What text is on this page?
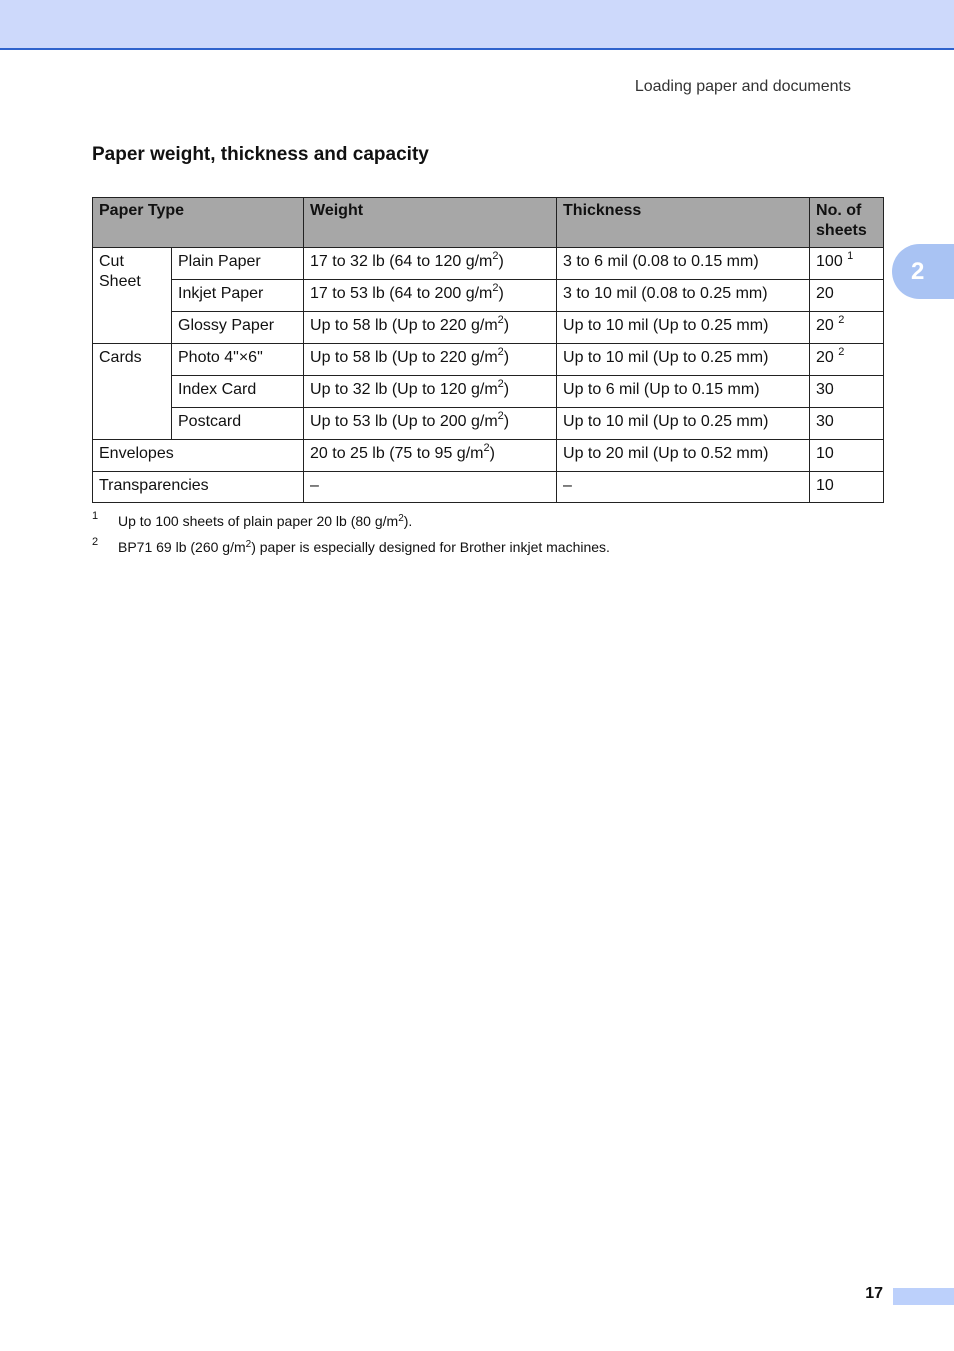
Loading paper and documents
Paper weight, thickness and capacity
2
Paper Type		Weight	Thickness	No. of sheets
Cut Sheet	Plain Paper	17 to 32 lb (64 to 120 $g/m^2$)	3 to 6 mil (0.08 to 0.15 mm)	100 $^1$
	Inkjet Paper	17 to 53 lb (64 to 200 $g/m^2$)	3 to 10 mil (0.08 to 0.25 mm)	20
	Glossy Paper	Up to 58 lb (Up to 220 $g/m^2$)	Up to 10 mil (Up to 0.25 mm)	20 $^2$
Cards	Photo 4"×6"	Up to 58 lb (Up to 220 $g/m^2$)	Up to 10 mil (Up to 0.25 mm)	20 $^2$
	Index Card	Up to 32 lb (Up to 120 $g/m^2$)	Up to 6 mil (Up to 0.15 mm)	30
	Postcard	Up to 53 lb (Up to 200 $g/m^2$)	Up to 10 mil (Up to 0.25 mm)	30
Envelopes		20 to 25 lb (75 to 95 $g/m^2$)	Up to 20 mil (Up to 0.52 mm)	10
Transparencies		–	–	10
1 Up to 100 sheets of plain paper 20 lb (80 $g/m^2$).
2 BP71 69 lb (260 $g/m^2$) paper is especially designed for Brother inkjet machines.
17
